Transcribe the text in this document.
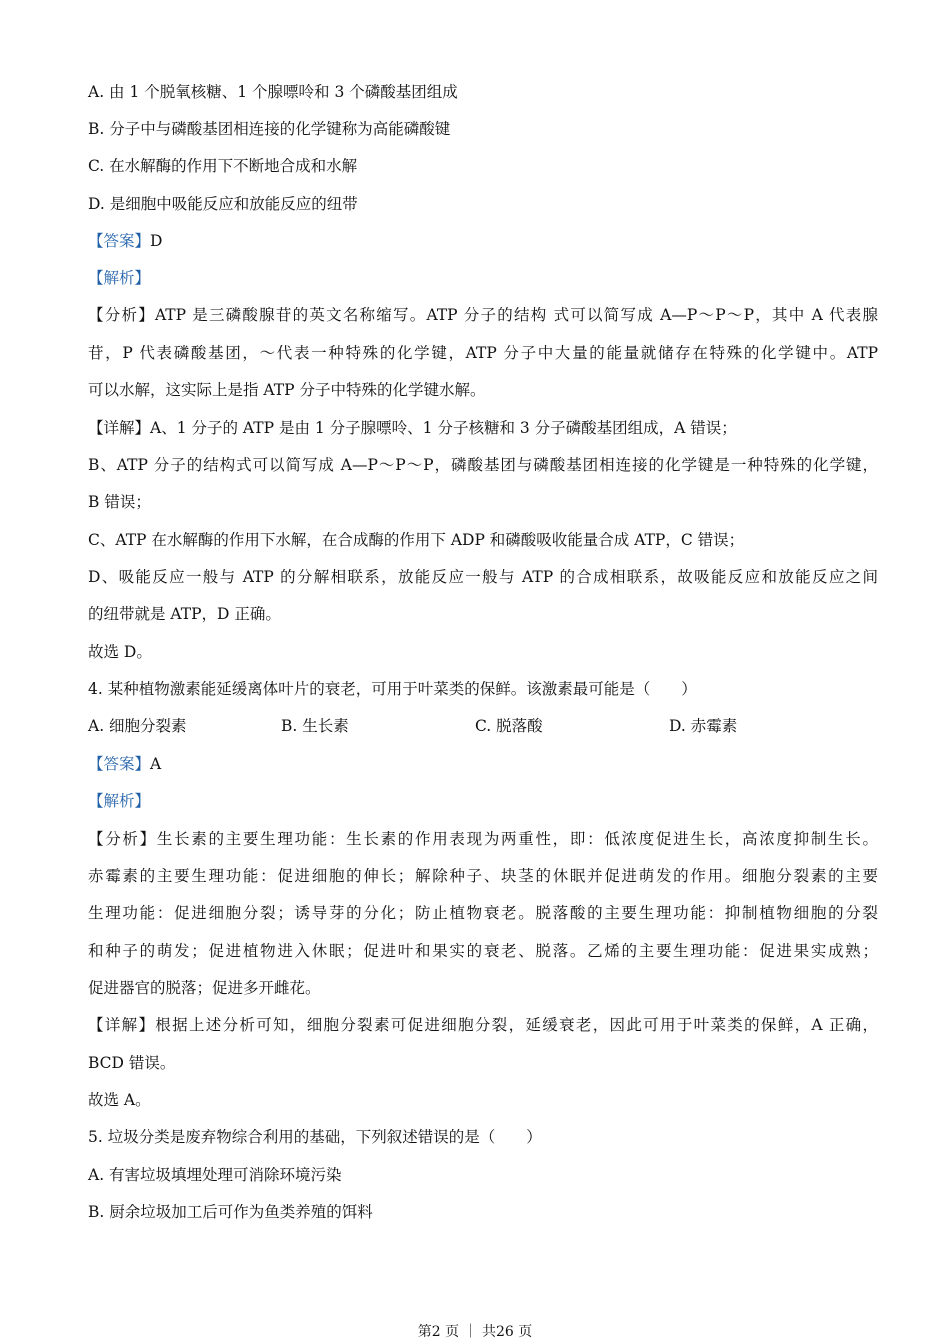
A. 由 1 个脱氧核糖、1 个腺嘌呤和 3 个磷酸基团组成
B. 分子中与磷酸基团相连接的化学键称为高能磷酸键
C. 在水解酶的作用下不断地合成和水解
D. 是细胞中吸能反应和放能反应的纽带
【答案】D
【解析】
【分析】ATP 是三磷酸腺苷的英文名称缩写。ATP 分子的结构 式可以简写成 A—P～P～P，其中 A 代表腺
苷，P 代表磷酸基团，～代表一种特殊的化学键，ATP 分子中大量的能量就储存在特殊的化学键中。ATP
可以水解，这实际上是指 ATP 分子中特殊的化学键水解。
【详解】A、1 分子的 ATP 是由 1 分子腺嘌呤、1 分子核糖和 3 分子磷酸基团组成，A 错误；
B、ATP 分子的结构式可以简写成 A—P～P～P，磷酸基团与磷酸基团相连接的化学键是一种特殊的化学键，
B 错误；
C、ATP 在水解酶的作用下水解，在合成酶的作用下 ADP 和磷酸吸收能量合成 ATP，C 错误；
D、吸能反应一般与 ATP 的分解相联系，放能反应一般与 ATP 的合成相联系，故吸能反应和放能反应之间
的纽带就是 ATP，D 正确。
故选 D。
4. 某种植物激素能延缓离体叶片的衰老，可用于叶菜类的保鲜。该激素最可能是（　　）
A. 细胞分裂素	B. 生长素	C. 脱落酸	D. 赤霉素
【答案】A
【解析】
【分析】生长素的主要生理功能：生长素的作用表现为两重性，即：低浓度促进生长，高浓度抑制生长。
赤霉素的主要生理功能：促进细胞的伸长；解除种子、块茎的休眠并促进萌发的作用。细胞分裂素的主要
生理功能：促进细胞分裂；诱导芽的分化；防止植物衰老。脱落酸的主要生理功能：抑制植物细胞的分裂
和种子的萌发；促进植物进入休眠；促进叶和果实的衰老、脱落。乙烯的主要生理功能：促进果实成熟；
促进器官的脱落；促进多开雌花。
【详解】根据上述分析可知，细胞分裂素可促进细胞分裂，延缓衰老，因此可用于叶菜类的保鲜，A 正确，
BCD 错误。
故选 A。
5. 垃圾分类是废弃物综合利用的基础，下列叙述错误的是（　　）
A. 有害垃圾填埋处理可消除环境污染
B. 厨余垃圾加工后可作为鱼类养殖的饵料
第2 页 ｜ 共26 页
